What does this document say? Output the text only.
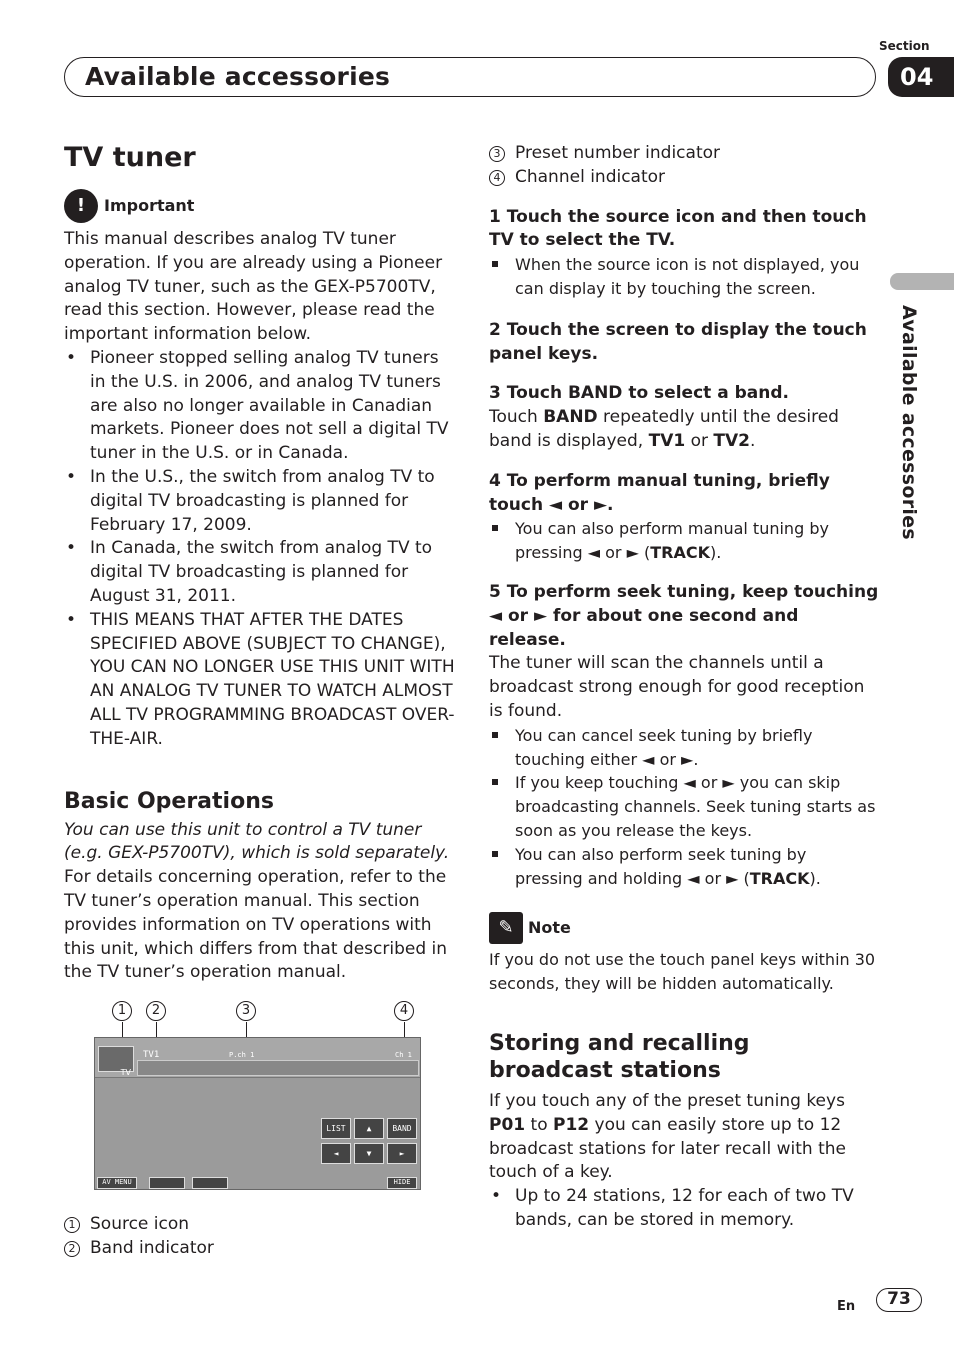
Section
Available accessories	04
Available accessories
TV tuner
!	Important

This manual describes analog TV tuner operation. If you are already using a Pioneer analog TV tuner, such as the GEX-P5700TV, read this section. However, please read the important information below.

• Pioneer stopped selling analog TV tuners in the U.S. in 2006, and analog TV tuners are also no longer available in Canadian markets. Pioneer does not sell a digital TV tuner in the U.S. or in Canada.
• In the U.S., the switch from analog TV to digital TV broadcasting is planned for February 17, 2009.
• In Canada, the switch from analog TV to digital TV broadcasting is planned for August 31, 2011.
• THIS MEANS THAT AFTER THE DATES SPECIFIED ABOVE (SUBJECT TO CHANGE), YOU CAN NO LONGER USE THIS UNIT WITH AN ANALOG TV TUNER TO WATCH ALMOST ALL TV PROGRAMMING BROADCAST OVER-THE-AIR.
Basic Operations

You can use this unit to control a TV tuner (e.g. GEX-P5700TV), which is sold separately.

For details concerning operation, refer to the TV tuner’s operation manual. This section provides information on TV operations with this unit, which differs from that described in the TV tuner’s operation manual.

1	2	3	4
TV
TV1	P.ch 1	Ch 1
LIST	▲	BAND
◄	▼	►
AV MENU	HIDE
1 Source icon
2 Band indicator
3 Preset number indicator
4 Channel indicator

1 Touch the source icon and then touch TV to select the TV.

When the source icon is not displayed, you can display it by touching the screen.

2 Touch the screen to display the touch panel keys.

3 Touch BAND to select a band.

Touch BAND repeatedly until the desired band is displayed, TV1 or TV2.

4 To perform manual tuning, briefly touch ◄ or ►.

You can also perform manual tuning by pressing ◄ or ► (TRACK).

5 To perform seek tuning, keep touching ◄ or ► for about one second and release.

The tuner will scan the channels until a broadcast strong enough for good reception is found.

You can cancel seek tuning by briefly touching either ◄ or ►.

If you keep touching ◄ or ► you can skip broadcasting channels. Seek tuning starts as soon as you release the keys.

You can also perform seek tuning by pressing and holding ◄ or ► (TRACK).

✎ Note

If you do not use the touch panel keys within 30 seconds, they will be hidden automatically.

Storing and recalling broadcast stations

If you touch any of the preset tuning keys P01 to P12 you can easily store up to 12 broadcast stations for later recall with the touch of a key.

• Up to 24 stations, 12 for each of two TV bands, can be stored in memory.
En	73
